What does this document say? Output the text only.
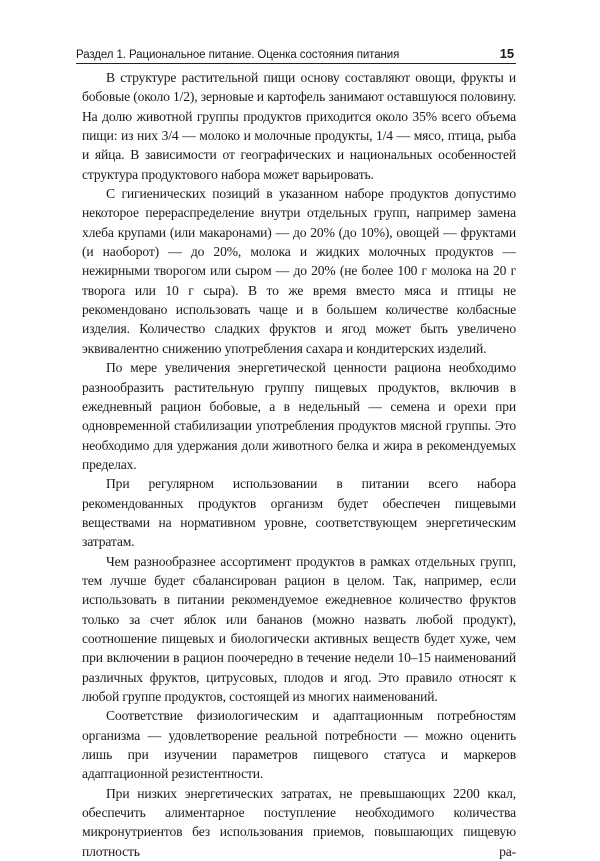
Раздел 1. Рациональное питание. Оценка состояния питания	15

В структуре растительной пищи основу составляют овощи, фрукты и бобовые (около 1/2), зерновые и картофель занимают оставшуюся половину. На долю животной группы продуктов приходится около 35% всего объема пищи: из них 3/4 — молоко и молочные продукты, 1/4 — мясо, птица, рыба и яйца. В зависимости от географических и национальных особенностей структура продуктового набора может варьировать.

С гигиенических позиций в указанном наборе продуктов допустимо некоторое перераспределение внутри отдельных групп, например замена хлеба крупами (или макаронами) — до 20% (до 10%), овощей — фруктами (и наоборот) — до 20%, молока и жидких молочных продуктов — нежирными творогом или сыром — до 20% (не более 100 г молока на 20 г творога или 10 г сыра). В то же время вместо мяса и птицы не рекомендовано использовать чаще и в большем количестве колбасные изделия. Количество сладких фруктов и ягод может быть увеличено эквивалентно снижению употребления сахара и кондитерских изделий.

По мере увеличения энергетической ценности рациона необходимо разнообразить растительную группу пищевых продуктов, включив в ежедневный рацион бобовые, а в недельный — семена и орехи при одновременной стабилизации употребления продуктов мясной группы. Это необходимо для удержания доли животного белка и жира в рекомендуемых пределах.

При регулярном использовании в питании всего набора рекомендованных продуктов организм будет обеспечен пищевыми веществами на нормативном уровне, соответствующем энергетическим затратам.

Чем разнообразнее ассортимент продуктов в рамках отдельных групп, тем лучше будет сбалансирован рацион в целом. Так, например, если использовать в питании рекомендуемое ежедневное количество фруктов только за счет яблок или бананов (можно назвать любой продукт), соотношение пищевых и биологически активных веществ будет хуже, чем при включении в рацион поочередно в течение недели 10–15 наименований различных фруктов, цитрусовых, плодов и ягод. Это правило относят к любой группе продуктов, состоящей из многих наименований.

Соответствие физиологическим и адаптационным потребностям организма — удовлетворение реальной потребности — можно оценить лишь при изучении параметров пищевого статуса и маркеров адаптационной резистентности.

При низких энергетических затратах, не превышающих 2200 ккал, обеспечить алиментарное поступление необходимого количества микронутриентов без использования приемов, повышающих пищевую плотность ра-
